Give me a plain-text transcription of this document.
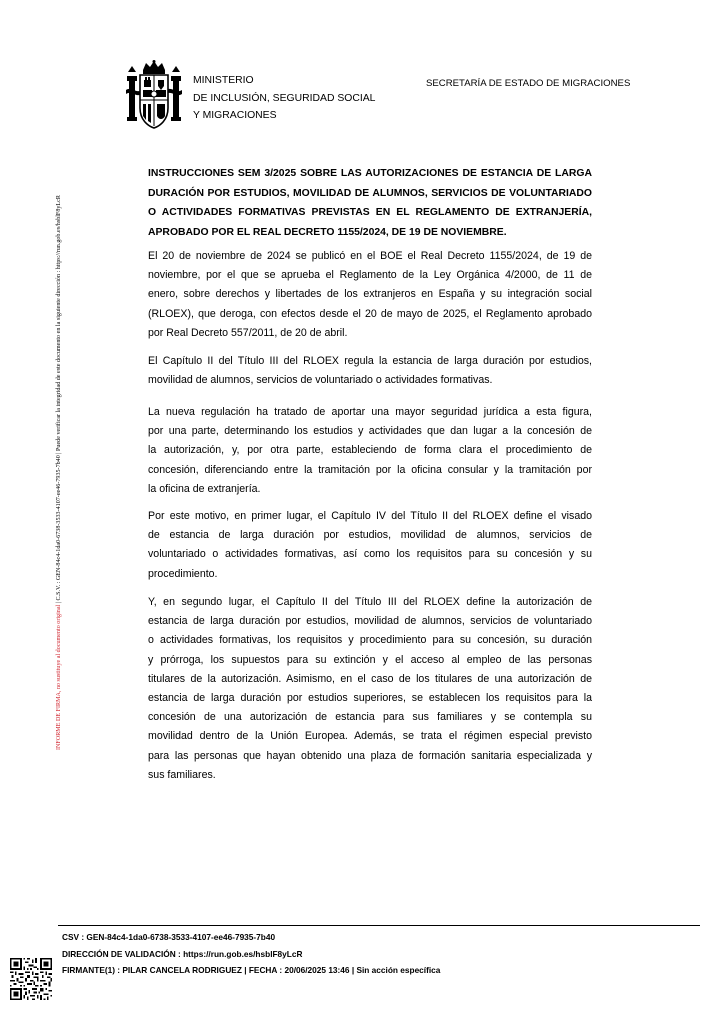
INFORME DE FIRMA, no sustituye al documento original | C.S.V. : GEN-84c4-1da0-6738-3533-4107-ee46-7935-7b40 | Puede verificar la integridad de este documento en la siguiente dirección : https://run.gob.es/hsblF8yLcR
MINISTERIO
DE INCLUSIÓN, SEGURIDAD SOCIAL
Y MIGRACIONES
SECRETARÍA DE ESTADO DE MIGRACIONES
INSTRUCCIONES SEM 3/2025 SOBRE LAS AUTORIZACIONES DE ESTANCIA DE LARGA
DURACIÓN POR ESTUDIOS, MOVILIDAD DE ALUMNOS, SERVICIOS DE VOLUNTARIADO
O ACTIVIDADES FORMATIVAS PREVISTAS EN EL REGLAMENTO DE EXTRANJERÍA,
APROBADO POR EL REAL DECRETO 1155/2024, DE 19 DE NOVIEMBRE.
El 20 de noviembre de 2024 se publicó en el BOE el Real Decreto 1155/2024, de 19 de
noviembre, por el que se aprueba el Reglamento de la Ley Orgánica 4/2000, de 11 de
enero, sobre derechos y libertades de los extranjeros en España y su integración social
(RLOEX), que deroga, con efectos desde el 20 de mayo de 2025, el Reglamento aprobado
por Real Decreto 557/2011, de 20 de abril.
El Capítulo II del Título III del RLOEX regula la estancia de larga duración por estudios,
movilidad de alumnos, servicios de voluntariado o actividades formativas.
La nueva regulación ha tratado de aportar una mayor seguridad jurídica a esta figura,
por una parte, determinando los estudios y actividades que dan lugar a la concesión de
la autorización, y, por otra parte, estableciendo de forma clara el procedimiento de
concesión, diferenciando entre la tramitación por la oficina consular y la tramitación por
la oficina de extranjería.
Por este motivo, en primer lugar, el Capítulo IV del Título II del RLOEX define el visado
de estancia de larga duración por estudios, movilidad de alumnos, servicios de
voluntariado o actividades formativas, así como los requisitos para su concesión y su
procedimiento.
Y, en segundo lugar, el Capítulo II del Título III del RLOEX define la autorización de
estancia de larga duración por estudios, movilidad de alumnos, servicios de voluntariado
o actividades formativas, los requisitos y procedimiento para su concesión, su duración
y prórroga, los supuestos para su extinción y el acceso al empleo de las personas
titulares de la autorización. Asimismo, en el caso de los titulares de una autorización de
estancia de larga duración por estudios superiores, se establecen los requisitos para la
concesión de una autorización de estancia para sus familiares y se contempla su
movilidad dentro de la Unión Europea. Además, se trata el régimen especial previsto
para las personas que hayan obtenido una plaza de formación sanitaria especializada y
sus familiares.
CSV : GEN-84c4-1da0-6738-3533-4107-ee46-7935-7b40
DIRECCIÓN DE VALIDACIÓN : https://run.gob.es/hsblF8yLcR
FIRMANTE(1) : PILAR CANCELA RODRIGUEZ | FECHA : 20/06/2025 13:46 | Sin acción específica
